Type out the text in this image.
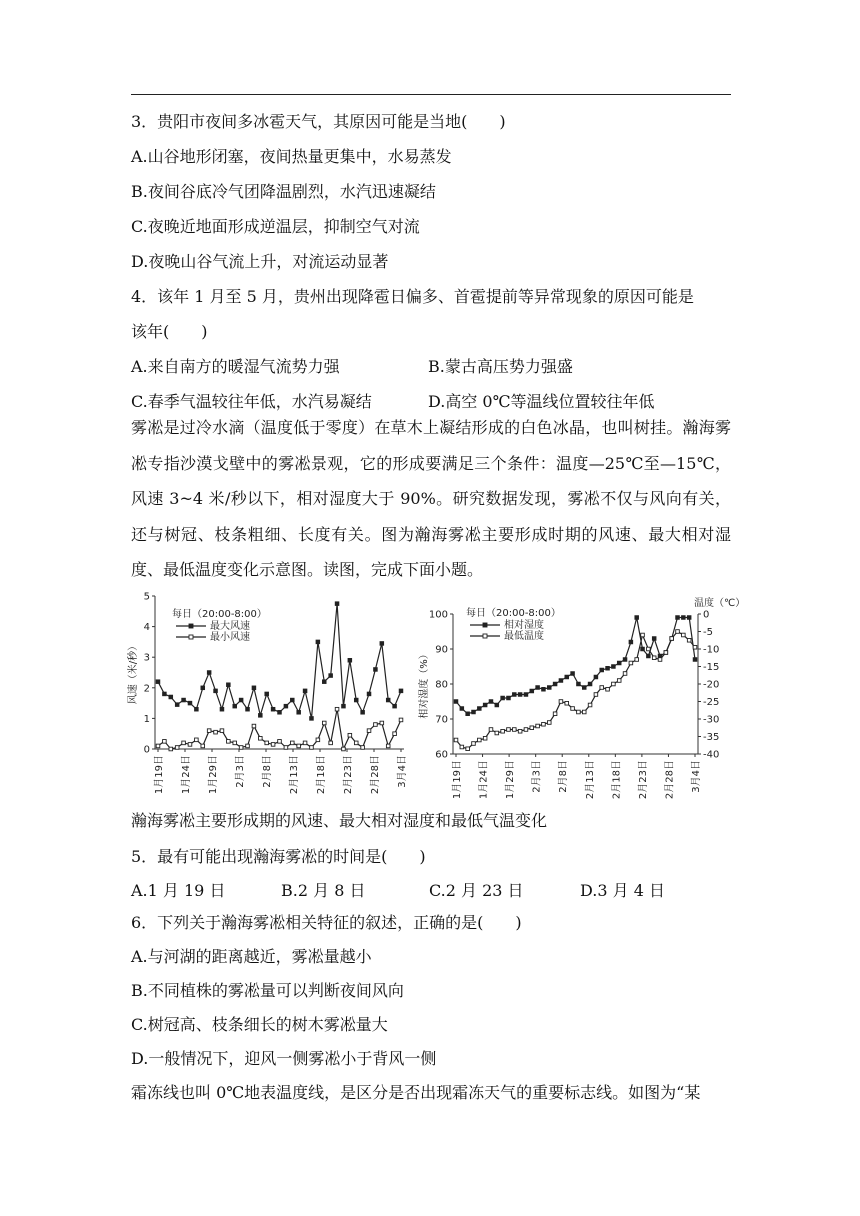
3．贵阳市夜间多冰雹天气，其原因可能是当地(　　)
A.山谷地形闭塞，夜间热量更集中，水易蒸发
B.夜间谷底冷气团降温剧烈，水汽迅速凝结
C.夜晚近地面形成逆温层，抑制空气对流
D.夜晚山谷气流上升，对流运动显著
4．该年 1 月至 5 月，贵州出现降雹日偏多、首雹提前等异常现象的原因可能是
该年(　　)
A.来自南方的暖湿气流势力强	B.蒙古高压势力强盛
C.春季气温较往年低，水汽易凝结	D.高空 0℃等温线位置较往年低
雾凇是过冷水滴（温度低于零度）在草木上凝结形成的白色冰晶，也叫树挂。瀚海雾凇专指沙漠戈壁中的雾凇景观，它的形成要满足三个条件：温度—25℃至—15℃，风速 3~4 米/秒以下，相对湿度大于 90%。研究数据发现，雾凇不仅与风向有关，还与树冠、枝条粗细、长度有关。图为瀚海雾凇主要形成时期的风速、最大相对湿度、最低温度变化示意图。读图，完成下面小题。
0
1
2
3
4
5
风速（米/秒）
1月19日 1月24日 1月29日 2月3日 2月8日 2月13日 2月18日 2月23日 2月28日 3月4日
每日（20:00-8:00）
最大风速
最小风速
60
70
80
90
100
相对湿度（%）
1月19日 1月24日 1月29日 2月3日 2月8日 2月13日 2月18日 2月23日 2月28日 3月4日
0
-5
-10
-15
-20
-25
-30
-35
-40
温度（℃）
每日（20:00-8:00）
相对湿度
最低温度
瀚海雾凇主要形成期的风速、最大相对湿度和最低气温变化
5．最有可能出现瀚海雾凇的时间是(　　)
A.1 月 19 日	B.2 月 8 日	C.2 月 23 日	D.3 月 4 日
6．下列关于瀚海雾凇相关特征的叙述，正确的是(　　)
A.与河湖的距离越近，雾凇量越小
B.不同植株的雾凇量可以判断夜间风向
C.树冠高、枝条细长的树木雾凇量大
D.一般情况下，迎风一侧雾凇小于背风一侧
霜冻线也叫 0℃地表温度线，是区分是否出现霜冻天气的重要标志线。如图为“某
